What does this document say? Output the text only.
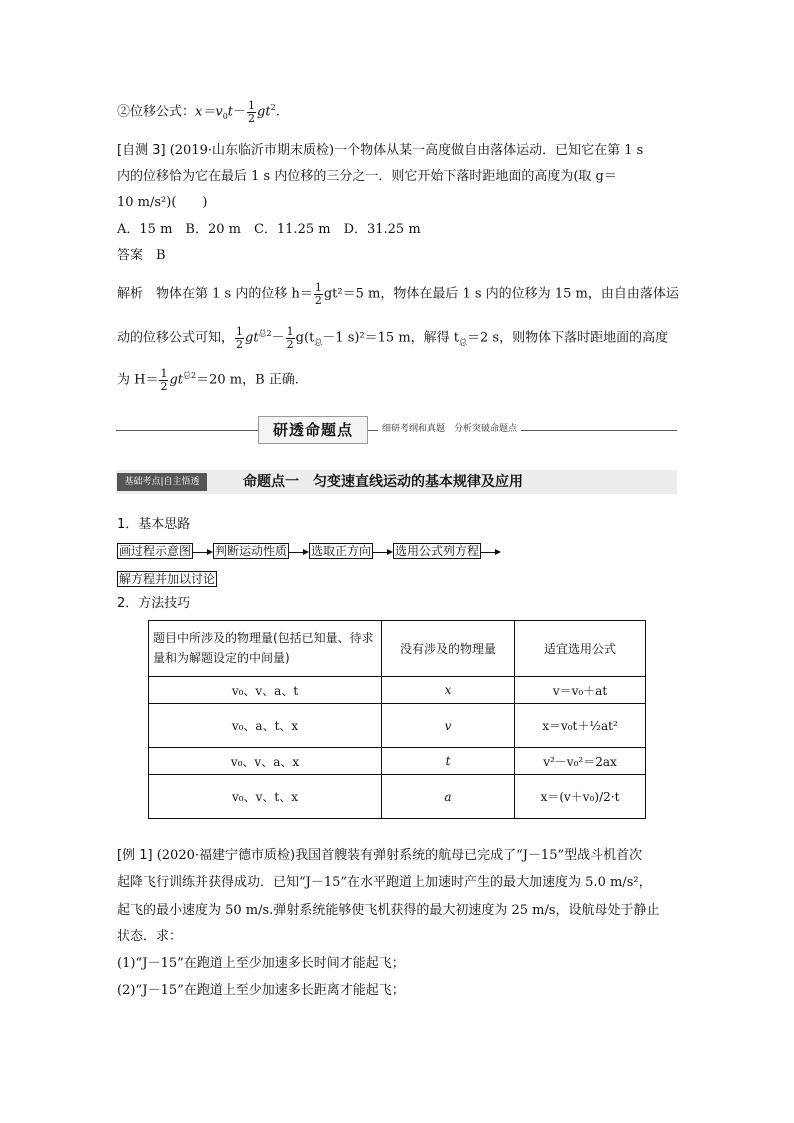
②位移公式：$x=v_0t- \frac{1}{2} gt^2$.
[自测 3] (2019·山东临沂市期末质检)一个物体从某一高度做自由落体运动．已知它在第 1 s
内的位移恰为它在最后 1 s 内位移的三分之一．则它开始下落时距地面的高度为(取 g＝
10 m/s²)(　　)
A．15 m　B．20 m　C．11.25 m　D．31.25 m
答案　B
解析　物体在第 1 s 内的位移 $h= \frac{1}{2} gt^2=5$ m，物体在最后 1 s 内的位移为 15 m，由自由落体运
动的位移公式可知， $\frac{1}{2} gt^{总2}- \frac{1}{2} g(t_总-1$ s)²＝15 m，解得 $t_总=2$ s，则物体下落时距地面的高度
为 $H= \frac{1}{2} gt^{总2}=20$ m，B 正确.
研透命题点	细研考纲和真题　分析突破命题点
基础考点|自主悟透	命题点一　匀变速直线运动的基本规律及应用
1．基本思路
画过程示意图 判断运动性质 选取正方向 选用公式列方程
解方程并加以讨论
2．方法技巧
题目中所涉及的物理量(包括已知量、待求量和为解题设定的中间量)	没有涉及的物理量	适宜选用公式
v₀、v、a、t	x	v＝v₀＋at
v₀、a、t、x	v	x＝v₀t＋½at²
v₀、v、a、x	t	v²－v₀²＝2ax
v₀、v、t、x	a	x＝(v＋v₀)/2·t
[例 1] (2020·福建宁德市质检)我国首艘装有弹射系统的航母已完成了“J－15”型战斗机首次
起降飞行训练并获得成功．已知“J－15”在水平跑道上加速时产生的最大加速度为 5.0 m/s²，
起飞的最小速度为 50 m/s.弹射系统能够使飞机获得的最大初速度为 25 m/s，设航母处于静止
状态．求：
(1)“J－15”在跑道上至少加速多长时间才能起飞；
(2)“J－15”在跑道上至少加速多长距离才能起飞；
